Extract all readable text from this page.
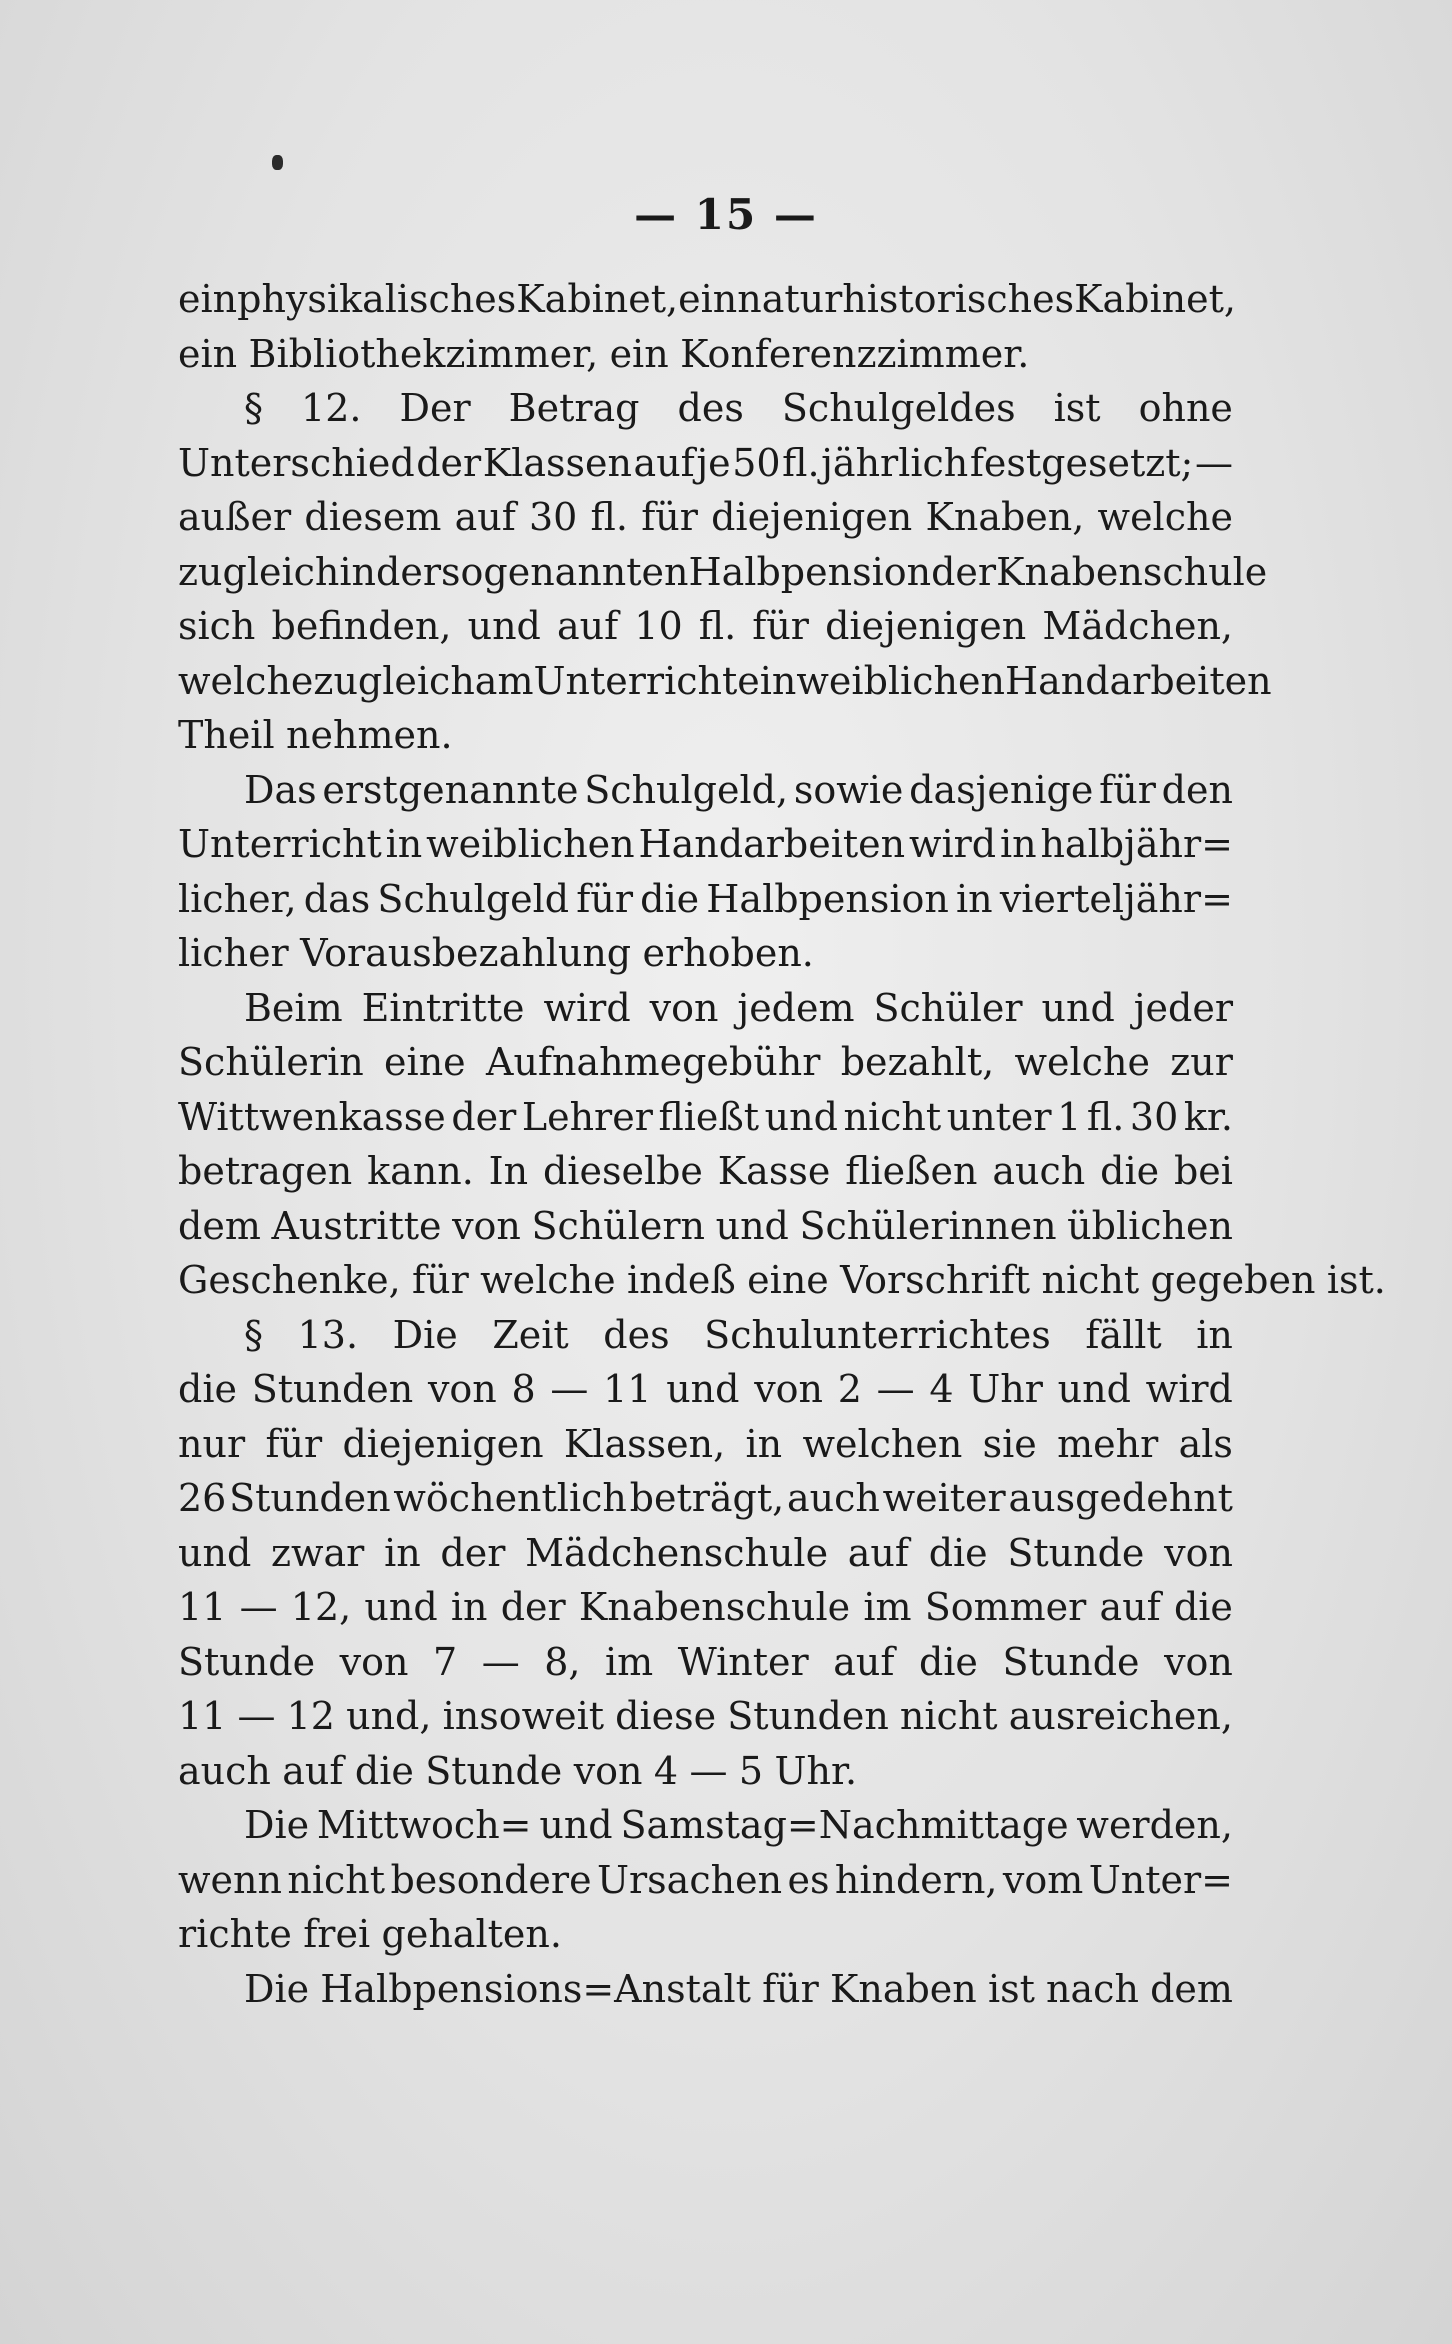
— 15 —
ein physikalisches Kabinet, ein naturhistorisches Kabinet,
ein Bibliothekzimmer, ein Konferenzzimmer.
§ 12. Der Betrag des Schulgeldes ist ohne
Unterschied der Klassen auf je 50 fl. jährlich festgesetzt; —
außer diesem auf 30 fl. für diejenigen Knaben, welche
zugleich in der sogenannten Halbpension der Knabenschule
sich befinden, und auf 10 fl. für diejenigen Mädchen,
welche zugleich am Unterrichte in weiblichen Handarbeiten
Theil nehmen.
Das erstgenannte Schulgeld, sowie dasjenige für den
Unterricht in weiblichen Handarbeiten wird in halbjähr=
licher, das Schulgeld für die Halbpension in vierteljähr=
licher Vorausbezahlung erhoben.
Beim Eintritte wird von jedem Schüler und jeder
Schülerin eine Aufnahmegebühr bezahlt, welche zur
Wittwenkasse der Lehrer fließt und nicht unter 1 fl. 30 kr.
betragen kann. In dieselbe Kasse fließen auch die bei
dem Austritte von Schülern und Schülerinnen üblichen
Geschenke, für welche indeß eine Vorschrift nicht gegeben ist.
§ 13. Die Zeit des Schulunterrichtes fällt in
die Stunden von 8 — 11 und von 2 — 4 Uhr und wird
nur für diejenigen Klassen, in welchen sie mehr als
26 Stunden wöchentlich beträgt, auch weiter ausgedehnt
und zwar in der Mädchenschule auf die Stunde von
11 — 12, und in der Knabenschule im Sommer auf die
Stunde von 7 — 8, im Winter auf die Stunde von
11 — 12 und, insoweit diese Stunden nicht ausreichen,
auch auf die Stunde von 4 — 5 Uhr.
Die Mittwoch= und Samstag=Nachmittage werden,
wenn nicht besondere Ursachen es hindern, vom Unter=
richte frei gehalten.
Die Halbpensions=Anstalt für Knaben ist nach dem
